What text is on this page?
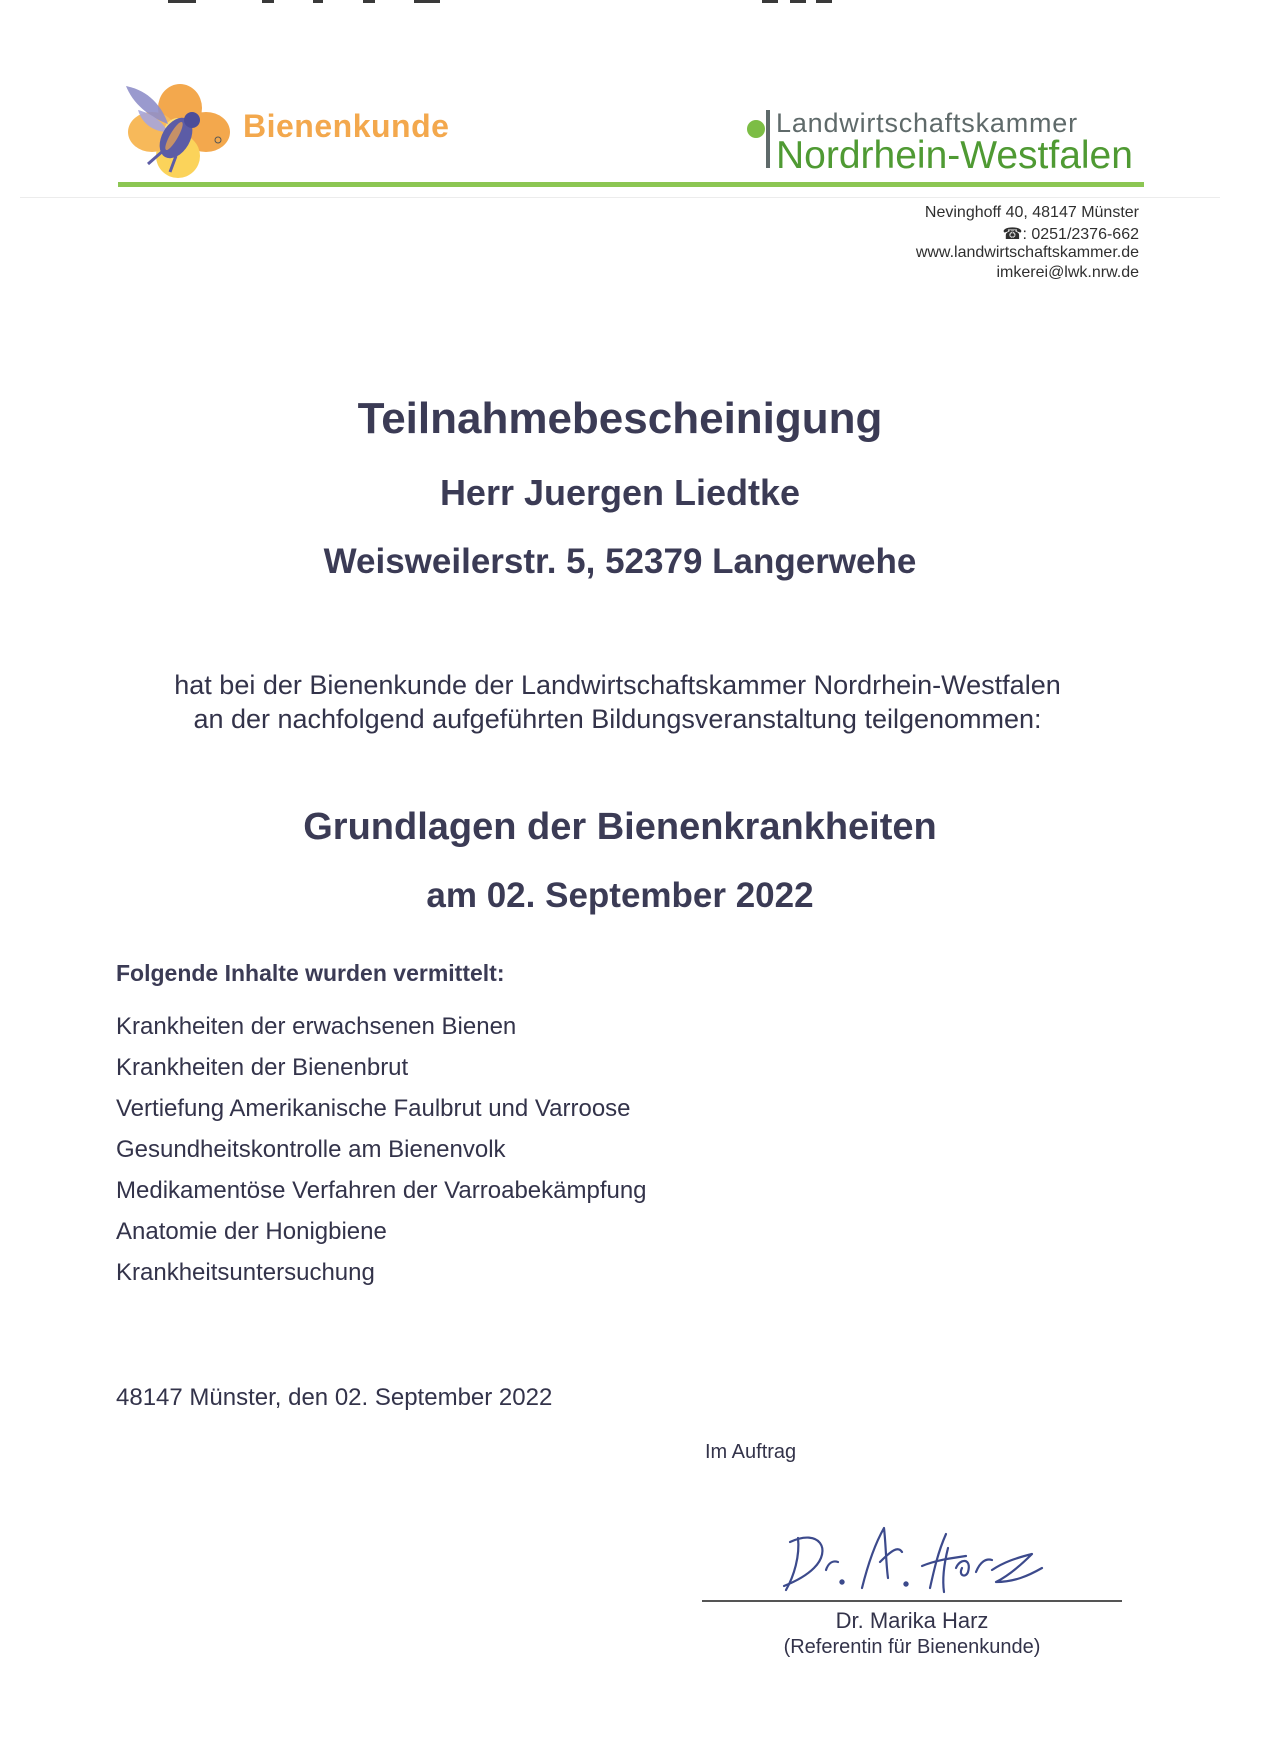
Bienenkunde	Landwirtschaftskammer
Nordrhein-Westfalen
Nevinghoff 40, 48147 Münster
☎: 0251/2376-662
www.landwirtschaftskammer.de
imkerei@lwk.nrw.de
Teilnahmebescheinigung
Herr Juergen Liedtke
Weisweilerstr. 5, 52379 Langerwehe
hat bei der Bienenkunde der Landwirtschaftskammer Nordrhein-Westfalen
an der nachfolgend aufgeführten Bildungsveranstaltung teilgenommen:
Grundlagen der Bienenkrankheiten
am 02. September 2022
Folgende Inhalte wurden vermittelt:
Krankheiten der erwachsenen Bienen
Krankheiten der Bienenbrut
Vertiefung Amerikanische Faulbrut und Varroose
Gesundheitskontrolle am Bienenvolk
Medikamentöse Verfahren der Varroabekämpfung
Anatomie der Honigbiene
Krankheitsuntersuchung
48147 Münster, den 02. September 2022
Im Auftrag
Dr. Marika Harz
(Referentin für Bienenkunde)
